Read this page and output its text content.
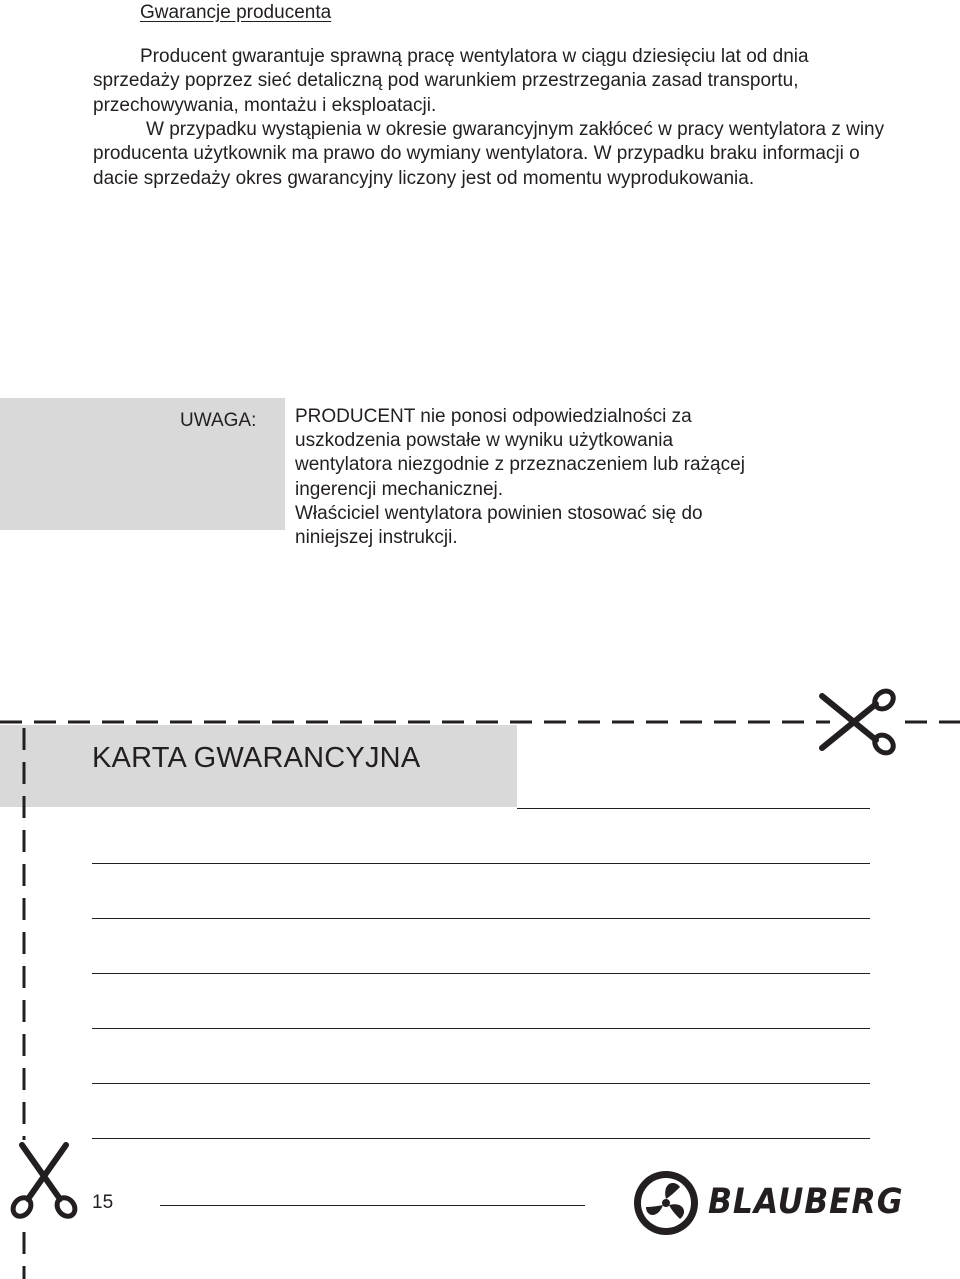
Gwarancje producenta

Producent gwarantuje sprawną pracę wentylatora w ciągu dziesięciu lat od dnia sprzedaży poprzez sieć detaliczną pod warunkiem przestrzegania zasad transportu, przechowywania, montażu i eksploatacji.

W przypadku wystąpienia w okresie gwarancyjnym zakłóceć w pracy wentylatora z winy producenta użytkownik ma prawo do wymiany wentylatora. W przypadku braku informacji o dacie sprzedaży okres gwarancyjny liczony jest od momentu wyprodukowania.

UWAGA: PRODUCENT nie ponosi odpowiedzialności za
uszkodzenia powstałe w wyniku użytkowania
wentylatora niezgodnie z przeznaczeniem lub rażącej
ingerencji mechanicznej.
Właściciel wentylatora powinien stosować się do
niniejszej instrukcji.
KARTA GWARANCYJNA
15	BLAUBERG
